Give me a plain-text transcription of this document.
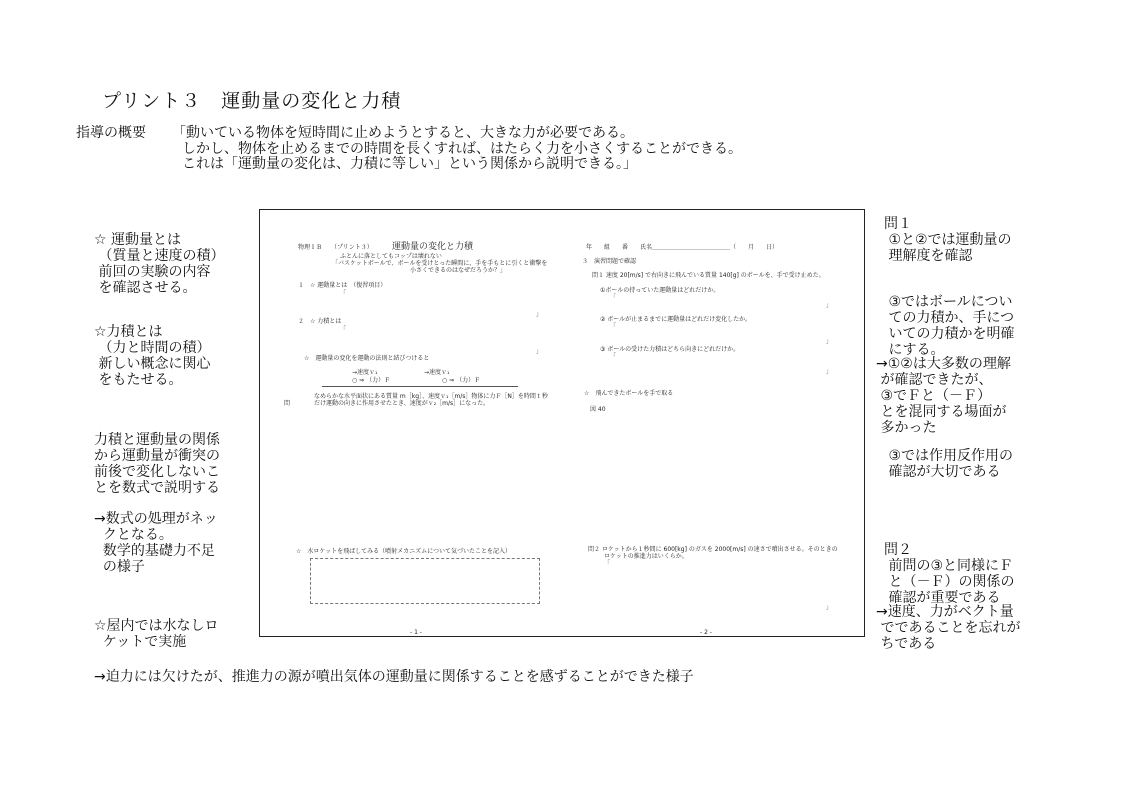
プリント３　運動量の変化と力積
指導の概要 「動いている物体を短時間に止めようとすると、大きな力が必要である。
しかし、物体を止めるまでの時間を長くすれば、はたらく力を小さくすることができる。
これは「運動量の変化は、力積に等しい」という関係から説明できる。」
☆ 運動量とは
（質量と速度の積）
前回の実験の内容
を確認させる。
☆力積とは
（力と時間の積）
新しい概念に関心
をもたせる。
力積と運動量の関係
から運動量が衝突の
前後で変化しないこ
とを数式で説明する
→数式の処理がネッ
クとなる。
数学的基礎力不足
の様子
☆屋内では水なしロ
ケットで実施
問１
①と②では運動量の
理解度を確認
③ではボールについ
ての力積か、手につ
いての力積かを明確
にする。
→①②は大多数の理解
が確認できたが、
③でＦと（－Ｆ）
とを混同する場面が
多かった
③では作用反作用の
確認が大切である
問２
前問の③と同様にＦ
と（－Ｆ）の関係の
確認が重要である
→速度、力がベクト量
でであることを忘れが
ちである
→迫力には欠けたが、推進力の源が噴出気体の運動量に関係することを感ずることができた様子
物理ＩＢ　　（プリント３） 運動量の変化と力積
ふとんに落としてもコップは壊れない
「バスケットボールで、ボールを受けとった瞬間に、手を手もとに引くと衝撃を
小さくできるのはなぜだろうか？」
１　☆ 運動量とは　（復習項目）
「
」
２　☆ 力積とは
「
」
☆　運動量の変化を運動の法則と結びつけると
→速度ｖ₁	→速度ｖ₁
○ ⇒ （力）Ｆ	○ ⇒ （力）Ｆ
問
なめらかな水平面状にある質量 m［kg］、速度ｖ₁［m/s］物体に力Ｆ［N］を時間ｔ秒
だけ運動の向きに作用させたとき、速度がｖ₂［m/s］になった。
☆　水ロケットを飛ばしてみる（噴射メカニズムについて気づいたことを記入）
- 1 -
年　　組　　番　　氏名＿＿＿＿＿＿＿＿＿＿＿＿＿（　　月　　日）
３　演習問題で確認
問１ 速度 20[m/s] で右向きに飛んでいる質量 140[g] のボールを、手で受け止めた。
①ボールの持っていた運動量はどれだけか。
「
」
② ボールが止まるまでに運動量はどれだけ変化したか。
「
」
③ ボールの受けた力積はどちら向きにどれだけか。
「
」
☆　飛んできたボールを手で取る
図 40
問２ ロケットから１秒間に 600[kg] のガスを 2000[m/s] の速さで噴出させる。そのときの
ロケットの推進力はいくらか。
「
」
- 2 -
